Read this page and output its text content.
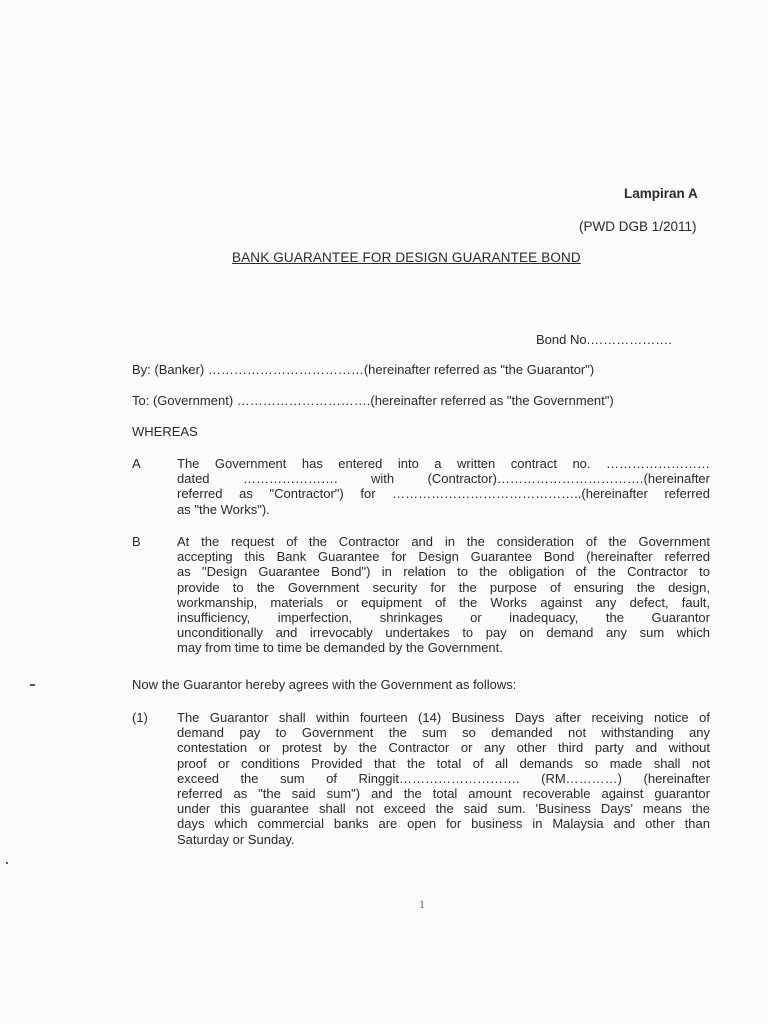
Lampiran A
(PWD DGB 1/2011)
BANK GUARANTEE FOR DESIGN GUARANTEE BOND
Bond No.……………….
By: (Banker) ………………………………(hereinafter referred as "the Guarantor")
To: (Government) ………………………….(hereinafter referred as "the Government")
WHEREAS
A	The Government has entered into a written contract no. ……………………
dated …………………. with (Contractor)…………………………….(hereinafter
referred as "Contractor") for ……………………………………..(hereinafter referred
as "the Works").
B	At the request of the Contractor and in the consideration of the Government
accepting this Bank Guarantee for Design Guarantee Bond (hereinafter referred
as "Design Guarantee Bond") in relation to the obligation of the Contractor to
provide to the Government security for the purpose of ensuring the design,
workmanship, materials or equipment of the Works against any defect, fault,
insufficiency, imperfection, shrinkages or inadequacy, the Guarantor
unconditionally and irrevocably undertakes to pay on demand any sum which
may from time to time be demanded by the Government.
Now the Guarantor hereby agrees with the Government as follows:
(1) The Guarantor shall within fourteen (14) Business Days after receiving notice of
demand pay to Government the sum so demanded not withstanding any
contestation or protest by the Contractor or any other third party and without
proof or conditions Provided that the total of all demands so made shall not
exceed the sum of Ringgit………………………. (RM…………) (hereinafter
referred as "the said sum") and the total amount recoverable against guarantor
under this guarantee shall not exceed the said sum. 'Business Days' means the
days which commercial banks are open for business in Malaysia and other than
Saturday or Sunday.
1
